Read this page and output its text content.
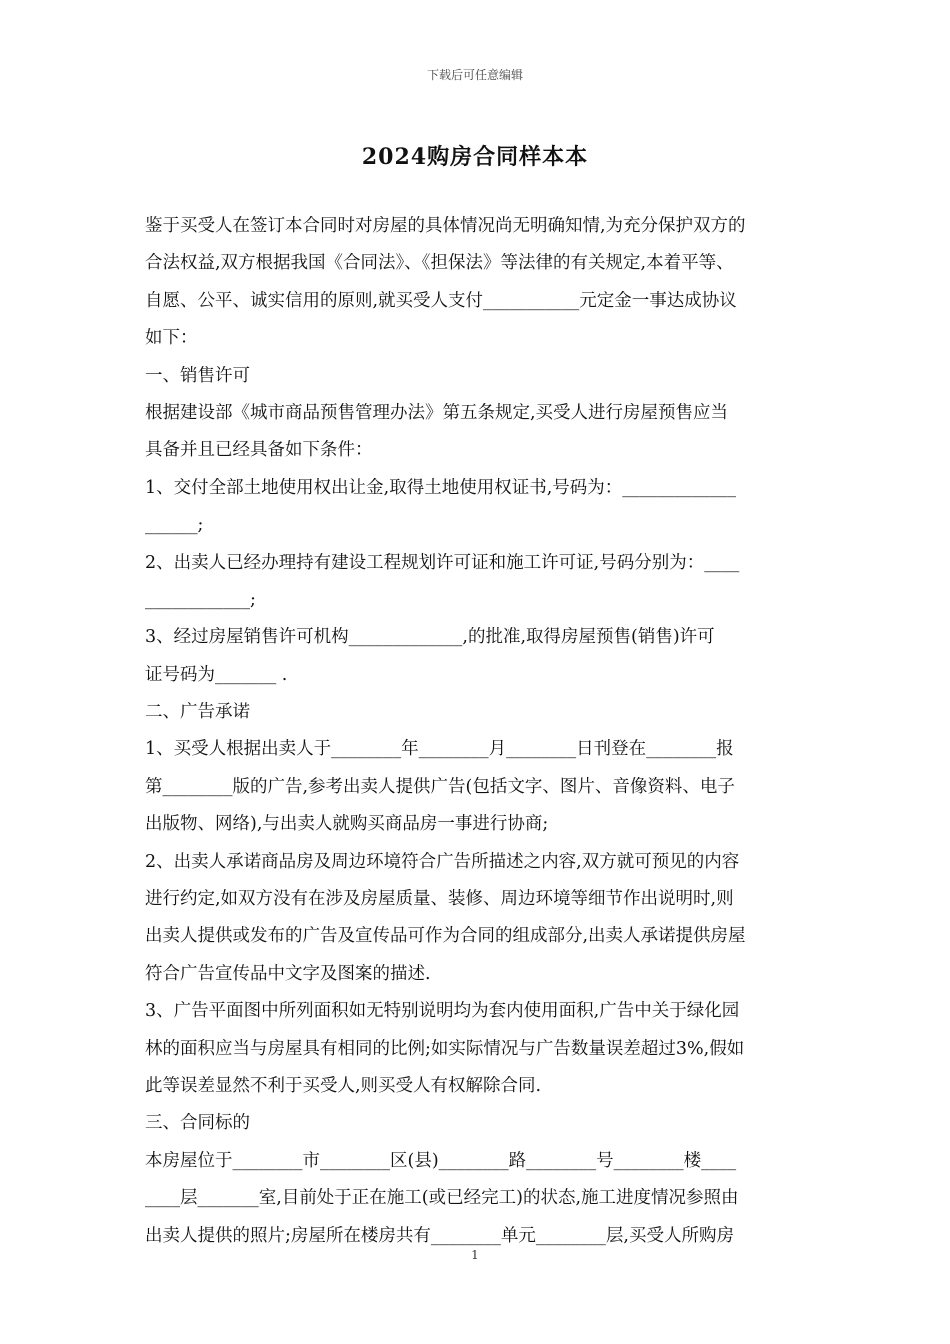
下载后可任意编辑
2024购房合同样本本
鉴于买受人在签订本合同时对房屋的具体情况尚无明确知情,为充分保护双方的
合法权益,双方根据我国《合同法》、《担保法》等法律的有关规定,本着平等、
自愿、公平、诚实信用的原则,就买受人支付___________元定金一事达成协议
如下：
一、销售许可
根据建设部《城市商品预售管理办法》第五条规定,买受人进行房屋预售应当
具备并且已经具备如下条件：
1、交付全部土地使用权出让金,取得土地使用权证书,号码为：_____________
______;
2、出卖人已经办理持有建设工程规划许可证和施工许可证,号码分别为：____
____________;
3、经过房屋销售许可机构_____________,的批准,取得房屋预售(销售)许可
证号码为_______ .
二、广告承诺
1、买受人根据出卖人于________年________月________日刊登在________报
第________版的广告,参考出卖人提供广告(包括文字、图片、音像资料、电子
出版物、网络),与出卖人就购买商品房一事进行协商;
2、出卖人承诺商品房及周边环境符合广告所描述之内容,双方就可预见的内容
进行约定,如双方没有在涉及房屋质量、装修、周边环境等细节作出说明时,则
出卖人提供或发布的广告及宣传品可作为合同的组成部分,出卖人承诺提供房屋
符合广告宣传品中文字及图案的描述.
3、广告平面图中所列面积如无特别说明均为套内使用面积,广告中关于绿化园
林的面积应当与房屋具有相同的比例;如实际情况与广告数量误差超过3%,假如
此等误差显然不利于买受人,则买受人有权解除合同.
三、合同标的
本房屋位于________市________区(县)________路________号________楼____
____层_______室,目前处于正在施工(或已经完工)的状态,施工进度情况参照由
出卖人提供的照片;房屋所在楼房共有________单元________层,买受人所购房
1
